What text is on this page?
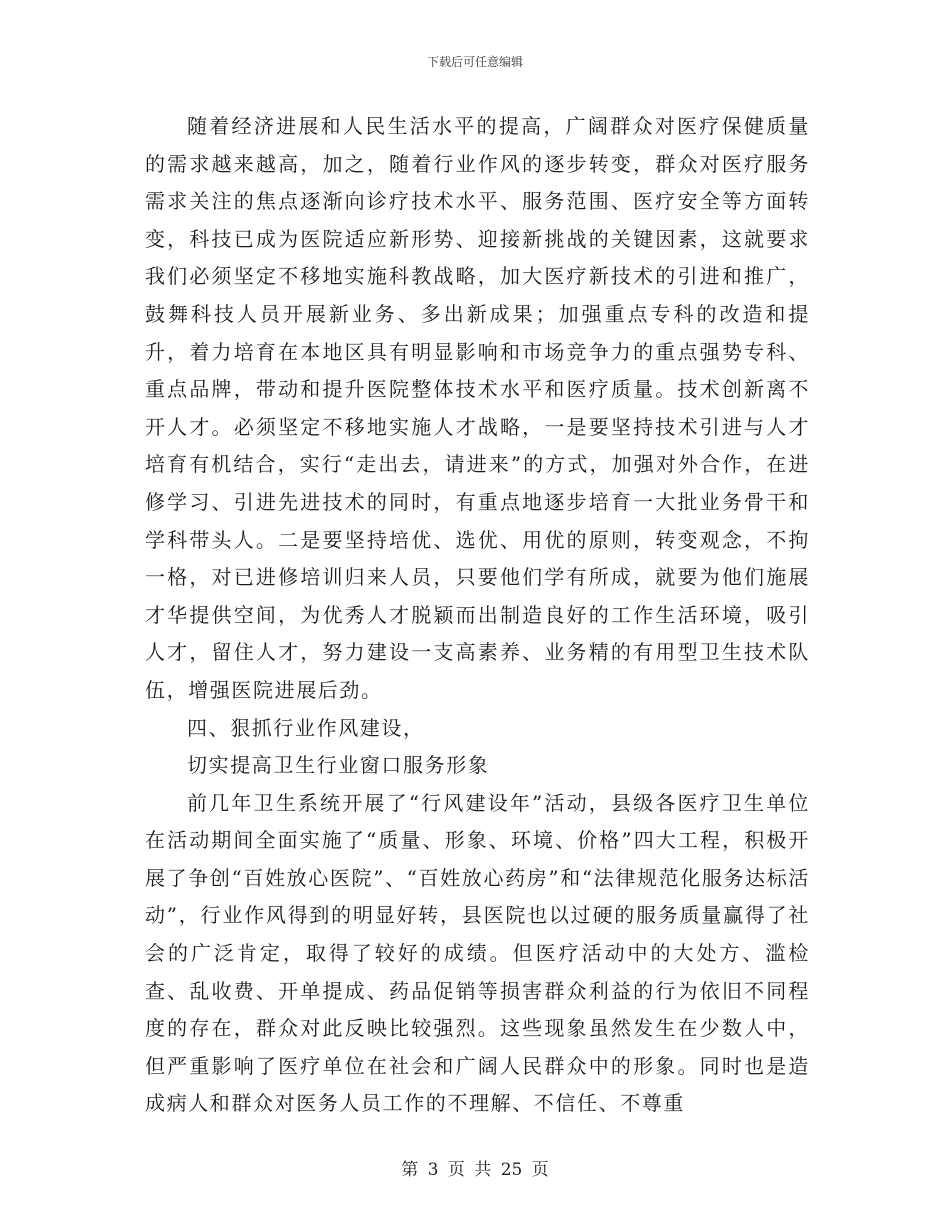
下载后可任意编辑

随着经济进展和人民生活水平的提高，广阔群众对医疗保健质量的需求越来越高，加之，随着行业作风的逐步转变，群众对医疗服务需求关注的焦点逐渐向诊疗技术水平、服务范围、医疗安全等方面转变，科技已成为医院适应新形势、迎接新挑战的关键因素，这就要求我们必须坚定不移地实施科教战略，加大医疗新技术的引进和推广，鼓舞科技人员开展新业务、多出新成果；加强重点专科的改造和提升，着力培育在本地区具有明显影响和市场竞争力的重点强势专科、重点品牌，带动和提升医院整体技术水平和医疗质量。技术创新离不开人才。必须坚定不移地实施人才战略，一是要坚持技术引进与人才培育有机结合，实行“走出去，请进来”的方式，加强对外合作，在进修学习、引进先进技术的同时，有重点地逐步培育一大批业务骨干和学科带头人。二是要坚持培优、选优、用优的原则，转变观念，不拘一格，对已进修培训归来人员，只要他们学有所成，就要为他们施展才华提供空间，为优秀人才脱颖而出制造良好的工作生活环境，吸引人才，留住人才，努力建设一支高素养、业务精的有用型卫生技术队伍，增强医院进展后劲。

四、狠抓行业作风建设，

切实提高卫生行业窗口服务形象

前几年卫生系统开展了“行风建设年”活动，县级各医疗卫生单位在活动期间全面实施了“质量、形象、环境、价格”四大工程，积极开展了争创“百姓放心医院”、“百姓放心药房”和“法律规范化服务达标活动”，行业作风得到的明显好转，县医院也以过硬的服务质量赢得了社会的广泛肯定，取得了较好的成绩。但医疗活动中的大处方、滥检查、乱收费、开单提成、药品促销等损害群众利益的行为依旧不同程度的存在，群众对此反映比较强烈。这些现象虽然发生在少数人中，但严重影响了医疗单位在社会和广阔人民群众中的形象。同时也是造成病人和群众对医务人员工作的不理解、不信任、不尊重

第 3 页 共 25 页
